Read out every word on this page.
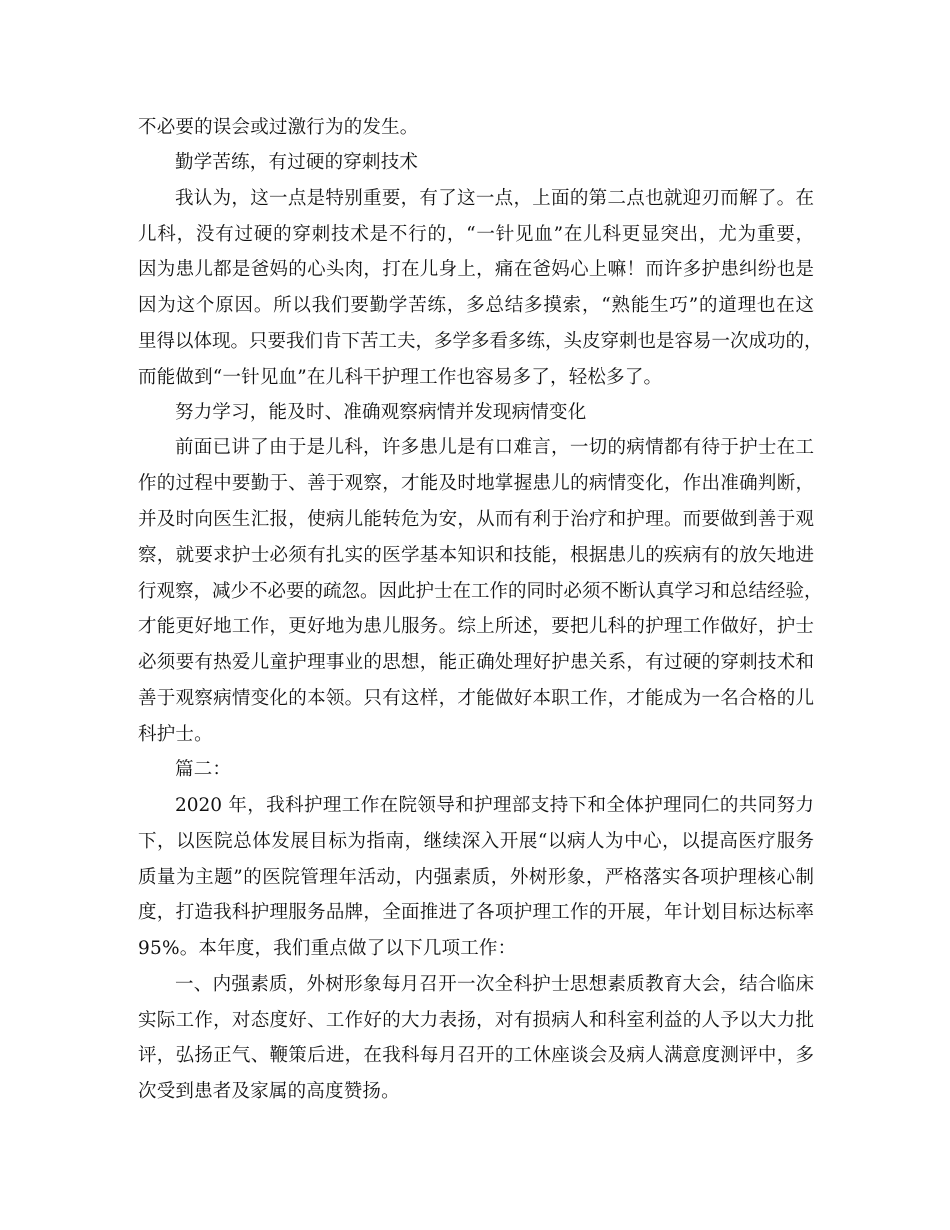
不必要的误会或过激行为的发生。
勤学苦练，有过硬的穿刺技术
我认为，这一点是特别重要，有了这一点，上面的第二点也就迎刃而解了。在
儿科，没有过硬的穿刺技术是不行的，“一针见血”在儿科更显突出，尤为重要，
因为患儿都是爸妈的心头肉，打在儿身上，痛在爸妈心上嘛！而许多护患纠纷也是
因为这个原因。所以我们要勤学苦练，多总结多摸索，“熟能生巧”的道理也在这
里得以体现。只要我们肯下苦工夫，多学多看多练，头皮穿刺也是容易一次成功的，
而能做到“一针见血”在儿科干护理工作也容易多了，轻松多了。
努力学习，能及时、准确观察病情并发现病情变化
前面已讲了由于是儿科，许多患儿是有口难言，一切的病情都有待于护士在工
作的过程中要勤于、善于观察，才能及时地掌握患儿的病情变化，作出准确判断，
并及时向医生汇报，使病儿能转危为安，从而有利于治疗和护理。而要做到善于观
察，就要求护士必须有扎实的医学基本知识和技能，根据患儿的疾病有的放矢地进
行观察，减少不必要的疏忽。因此护士在工作的同时必须不断认真学习和总结经验，
才能更好地工作，更好地为患儿服务。综上所述，要把儿科的护理工作做好，护士
必须要有热爱儿童护理事业的思想，能正确处理好护患关系，有过硬的穿刺技术和
善于观察病情变化的本领。只有这样，才能做好本职工作，才能成为一名合格的儿
科护士。
篇二：
2020 年，我科护理工作在院领导和护理部支持下和全体护理同仁的共同努力
下，以医院总体发展目标为指南，继续深入开展“以病人为中心，以提高医疗服务
质量为主题”的医院管理年活动，内强素质，外树形象，严格落实各项护理核心制
度，打造我科护理服务品牌，全面推进了各项护理工作的开展，年计划目标达标率
95%。本年度，我们重点做了以下几项工作：
一、内强素质，外树形象每月召开一次全科护士思想素质教育大会，结合临床
实际工作，对态度好、工作好的大力表扬，对有损病人和科室利益的人予以大力批
评，弘扬正气、鞭策后进，在我科每月召开的工休座谈会及病人满意度测评中，多
次受到患者及家属的高度赞扬。
